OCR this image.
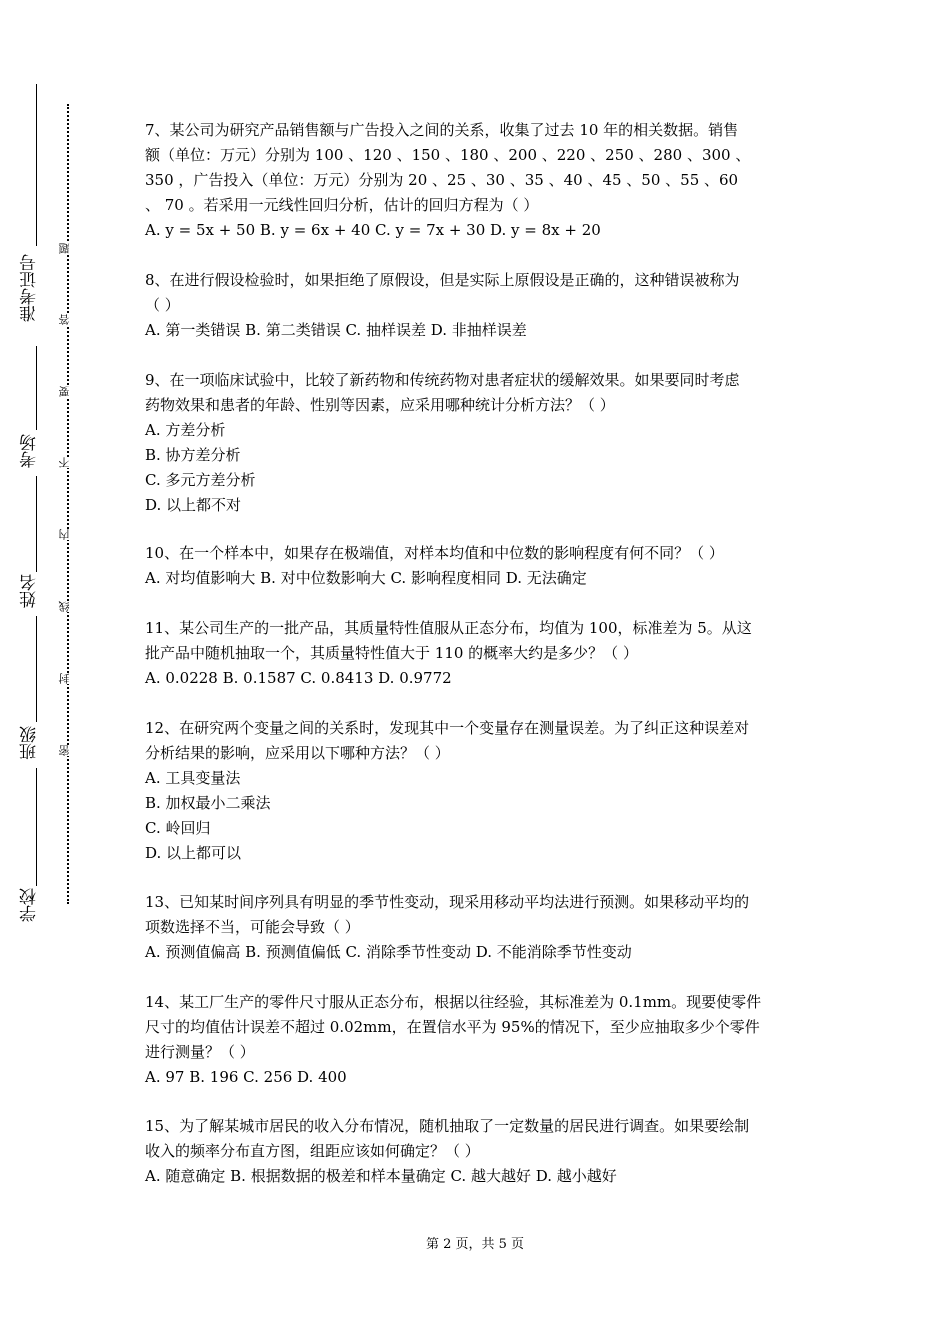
准考证号
考场
姓名
班级
学校
题
答
要
不
内
线
封
密

7、某公司为研究产品销售额与广告投入之间的关系，收集了过去 10 年的相关数据。销售

额（单位：万元）分别为 100 、120 、150 、180 、200 、220 、250 、280 、300 、

350 ，广告投入（单位：万元）分别为 20 、25 、30 、35 、40 、45 、50 、55 、60

、 70 。若采用一元线性回归分析，估计的回归方程为（ ）

A. y = 5x + 50 B. y = 6x + 40 C. y = 7x + 30 D. y = 8x + 20

8、在进行假设检验时，如果拒绝了原假设，但是实际上原假设是正确的，这种错误被称为

（ ）

A. 第一类错误 B. 第二类错误 C. 抽样误差 D. 非抽样误差

9、在一项临床试验中，比较了新药物和传统药物对患者症状的缓解效果。如果要同时考虑

药物效果和患者的年龄、性别等因素，应采用哪种统计分析方法？（ ）

A. 方差分析

B. 协方差分析

C. 多元方差分析

D. 以上都不对

10、在一个样本中，如果存在极端值，对样本均值和中位数的影响程度有何不同？（ ）

A. 对均值影响大 B. 对中位数影响大 C. 影响程度相同 D. 无法确定

11、某公司生产的一批产品，其质量特性值服从正态分布，均值为 100，标准差为 5。从这

批产品中随机抽取一个，其质量特性值大于 110 的概率大约是多少？（ ）

A. 0.0228 B. 0.1587 C. 0.8413 D. 0.9772

12、在研究两个变量之间的关系时，发现其中一个变量存在测量误差。为了纠正这种误差对

分析结果的影响，应采用以下哪种方法？（ ）

A. 工具变量法

B. 加权最小二乘法

C. 岭回归

D. 以上都可以

13、已知某时间序列具有明显的季节性变动，现采用移动平均法进行预测。如果移动平均的

项数选择不当，可能会导致（ ）

A. 预测值偏高 B. 预测值偏低 C. 消除季节性变动 D. 不能消除季节性变动

14、某工厂生产的零件尺寸服从正态分布，根据以往经验，其标准差为 0.1mm。现要使零件

尺寸的均值估计误差不超过 0.02mm，在置信水平为 95%的情况下，至少应抽取多少个零件

进行测量？（ ）

A. 97 B. 196 C. 256 D. 400

15、为了解某城市居民的收入分布情况，随机抽取了一定数量的居民进行调查。如果要绘制

收入的频率分布直方图，组距应该如何确定？（ ）

A. 随意确定 B. 根据数据的极差和样本量确定 C. 越大越好 D. 越小越好

第 2 页，共 5 页
